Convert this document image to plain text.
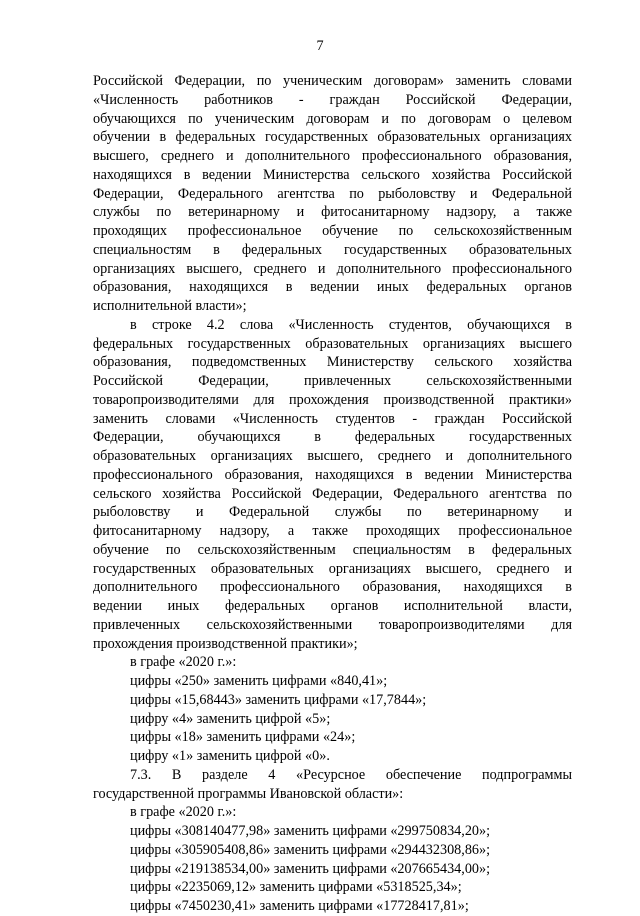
7
Российской Федерации, по ученическим договорам» заменить словами
«Численность работников - граждан Российской Федерации,
обучающихся по ученическим договорам и по договорам о целевом
обучении в федеральных государственных образовательных организациях
высшего, среднего и дополнительного профессионального образования,
находящихся в ведении Министерства сельского хозяйства Российской
Федерации, Федерального агентства по рыболовству и Федеральной
службы по ветеринарному и фитосанитарному надзору, а также
проходящих профессиональное обучение по сельскохозяйственным
специальностям в федеральных государственных образовательных
организациях высшего, среднего и дополнительного профессионального
образования, находящихся в ведении иных федеральных органов
исполнительной власти»;
в строке 4.2 слова «Численность студентов, обучающихся в
федеральных государственных образовательных организациях высшего
образования, подведомственных Министерству сельского хозяйства
Российской Федерации, привлеченных сельскохозяйственными
товаропроизводителями для прохождения производственной практики»
заменить словами «Численность студентов - граждан Российской
Федерации, обучающихся в федеральных государственных
образовательных организациях высшего, среднего и дополнительного
профессионального образования, находящихся в ведении Министерства
сельского хозяйства Российской Федерации, Федерального агентства по
рыболовству и Федеральной службы по ветеринарному и
фитосанитарному надзору, а также проходящих профессиональное
обучение по сельскохозяйственным специальностям в федеральных
государственных образовательных организациях высшего, среднего и
дополнительного профессионального образования, находящихся в
ведении иных федеральных органов исполнительной власти,
привлеченных сельскохозяйственными товаропроизводителями для
прохождения производственной практики»;
в графе «2020 г.»:
цифры «250» заменить цифрами «840,41»;
цифры «15,68443» заменить цифрами «17,7844»;
цифру «4» заменить цифрой «5»;
цифры «18» заменить цифрами «24»;
цифру «1» заменить цифрой «0».
7.3. В разделе 4 «Ресурсное обеспечение подпрограммы
государственной программы Ивановской области»:
в графе «2020 г.»:
цифры «308140477,98» заменить цифрами «299750834,20»;
цифры «305905408,86» заменить цифрами «294432308,86»;
цифры «219138534,00» заменить цифрами «207665434,00»;
цифры «2235069,12» заменить цифрами «5318525,34»;
цифры «7450230,41» заменить цифрами «17728417,81»;
